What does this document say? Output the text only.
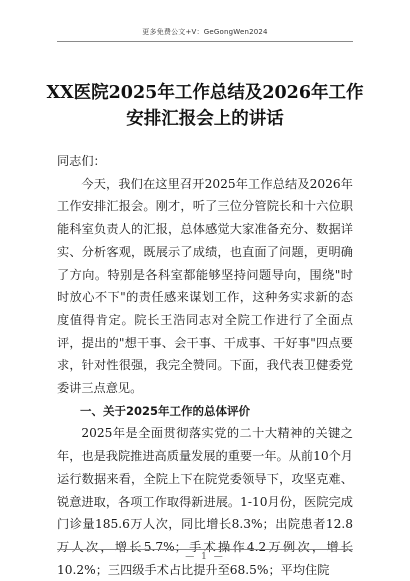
更多免费公文+V：GeGongWen2024
XX医院2025年工作总结及2026年工作
安排汇报会上的讲话

同志们：

今天，我们在这里召开2025年工作总结及2026年工作安排汇报会。刚才，听了三位分管院长和十六位职能科室负责人的汇报，总体感觉大家准备充分、数据详实、分析客观，既展示了成绩，也直面了问题，更明确了方向。特别是各科室都能够坚持问题导向，围绕"时时放心不下"的责任感来谋划工作，这种务实求新的态度值得肯定。院长王浩同志对全院工作进行了全面点评，提出的"想干事、会干事、干成事、干好事"四点要求，针对性很强，我完全赞同。下面，我代表卫健委党委讲三点意见。

一、关于2025年工作的总体评价

2025年是全面贯彻落实党的二十大精神的关键之年，也是我院推进高质量发展的重要一年。从前10个月运行数据来看，全院上下在院党委领导下，攻坚克难、锐意进取，各项工作取得新进展。1-10月份，医院完成门诊量185.6万人次，同比增长8.3%；出院患者12.8万人次，增长5.7%；手术操作4.2万例次，增长10.2%；三四级手术占比提升至68.5%；平均住院

— 1 —
